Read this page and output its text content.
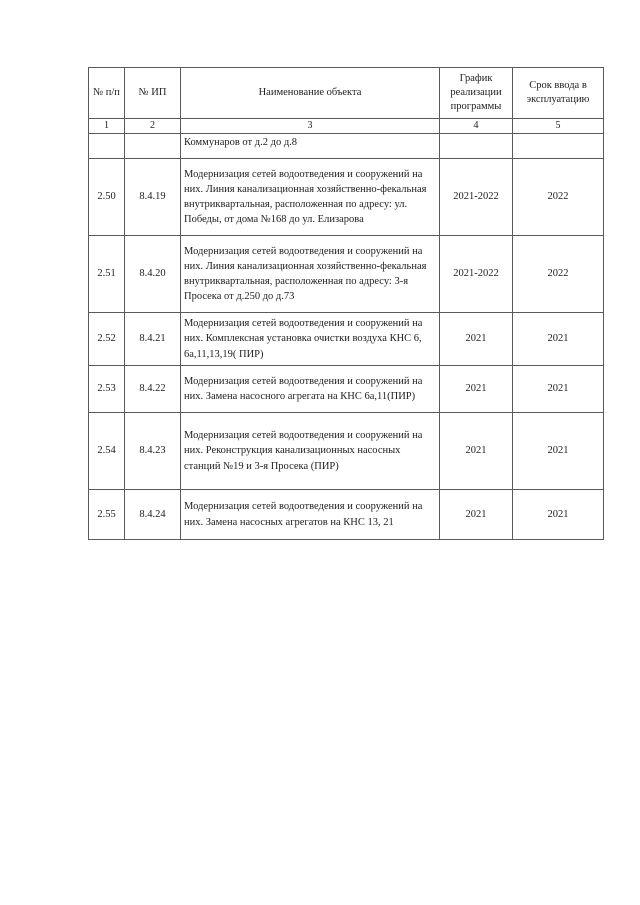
№ п/п	№ ИП	Наименование объекта	График реализации программы	Срок ввода в эксплуатацию
1	2	3	4	5
		Коммунаров от д.2 до д.8		
2.50	8.4.19	Модернизация сетей водоотведения и сооружений на них. Линия канализационная хозяйственно-фекальная внутриквартальная, расположенная по адресу: ул. Победы, от дома №168 до ул. Елизарова	2021-2022	2022
2.51	8.4.20	Модернизация сетей водоотведения и сооружений на них. Линия канализационная хозяйственно-фекальная внутриквартальная, расположенная по адресу: 3-я Просека от д.250 до д.73	2021-2022	2022
2.52	8.4.21	Модернизация сетей водоотведения и сооружений на них. Комплексная установка очистки воздуха КНС 6, 6а,11,13,19( ПИР)	2021	2021
2.53	8.4.22	Модернизация сетей водоотведения и сооружений на них. Замена насосного агрегата на КНС 6а,11(ПИР)	2021	2021
2.54	8.4.23	Модернизация сетей водоотведения и сооружений на них. Реконструкция канализационных насосных станций №19 и 3-я Просека (ПИР)	2021	2021
2.55	8.4.24	Модернизация сетей водоотведения и сооружений на них. Замена насосных агрегатов на КНС 13, 21	2021	2021
